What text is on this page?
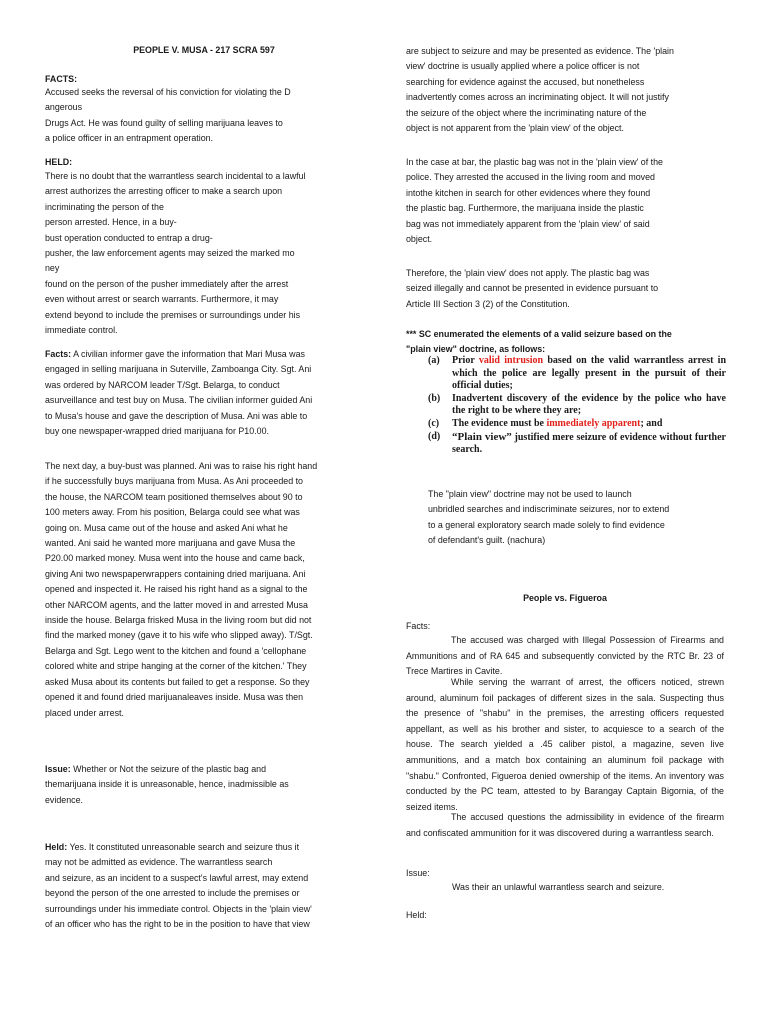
PEOPLE V. MUSA - 217 SCRA 597
FACTS:
Accused seeks the reversal of his conviction for violating the D
angerous
Drugs Act. He was found guilty of selling marijuana leaves to
a police officer in an entrapment operation.
HELD:
There is no doubt that the warrantless search incidental to a lawful
arrest authorizes the arresting officer to make a search upon
incriminating the person of the
person arrested. Hence, in a buy-
bust operation conducted to entrap a drug-
pusher, the law enforcement agents may seized the marked mo
ney
found on the person of the pusher immediately after the arrest
even without arrest or search warrants. Furthermore, it may
extend beyond to include the premises or surroundings under his
immediate control.
Facts: A civilian informer gave the information that Mari Musa was
engaged in selling marijuana in Suterville, Zamboanga City. Sgt. Ani
was ordered by NARCOM leader T/Sgt. Belarga, to conduct
asurveillance and test buy on Musa. The civilian informer guided Ani
to Musa's house and gave the description of Musa. Ani was able to
buy one newspaper-wrapped dried marijuana for P10.00.
The next day, a buy-bust was planned. Ani was to raise his right hand
if he successfully buys marijuana from Musa. As Ani proceeded to
the house, the NARCOM team positioned themselves about 90 to
100 meters away. From his position, Belarga could see what was
going on. Musa came out of the house and asked Ani what he
wanted. Ani said he wanted more marijuana and gave Musa the
P20.00 marked money. Musa went into the house and came back,
giving Ani two newspaperwrappers containing dried marijuana. Ani
opened and inspected it. He raised his right hand as a signal to the
other NARCOM agents, and the latter moved in and arrested Musa
inside the house. Belarga frisked Musa in the living room but did not
find the marked money (gave it to his wife who slipped away). T/Sgt.
Belarga and Sgt. Lego went to the kitchen and found a 'cellophane
colored white and stripe hanging at the corner of the kitchen.' They
asked Musa about its contents but failed to get a response. So they
opened it and found dried marijuanaleaves inside. Musa was then
placed under arrest.
Issue: Whether or Not the seizure of the plastic bag and
themarijuana inside it is unreasonable, hence, inadmissible as
evidence.
Held: Yes. It constituted unreasonable search and seizure thus it
may not be admitted as evidence. The warrantless search
and seizure, as an incident to a suspect's lawful arrest, may extend
beyond the person of the one arrested to include the premises or
surroundings under his immediate control. Objects in the 'plain view'
of an officer who has the right to be in the position to have that view
are subject to seizure and may be presented as evidence. The 'plain
view' doctrine is usually applied where a police officer is not
searching for evidence against the accused, but nonetheless
inadvertently comes across an incriminating object. It will not justify
the seizure of the object where the incriminating nature of the
object is not apparent from the 'plain view' of the object.
In the case at bar, the plastic bag was not in the 'plain view' of the
police. They arrested the accused in the living room and moved
intothe kitchen in search for other evidences where they found
the plastic bag. Furthermore, the marijuana inside the plastic
bag was not immediately apparent from the 'plain view' of said
object.
Therefore, the 'plain view' does not apply. The plastic bag was
seized illegally and cannot be presented in evidence pursuant to
Article III Section 3 (2) of the Constitution.
*** SC enumerated the elements of a valid seizure based on the
"plain view" doctrine, as follows:
(a)	Prior valid intrusion based on the valid warrantless arrest in which the police are legally present in the pursuit of their official duties;
(b)	Inadvertent discovery of the evidence by the police who have the right to be where they are;
(c)	The evidence must be immediately apparent; and
(d)	“Plain view” justified mere seizure of evidence without further search.
The "plain view" doctrine may not be used to launch
unbridled searches and indiscriminate seizures, nor to extend
to a general exploratory search made solely to find evidence
of defendant's guilt. (nachura)
People vs. Figueroa
Facts:
The accused was charged with Illegal Possession of Firearms and Ammunitions and of RA 645 and subsequently convicted by the RTC Br. 23 of Trece Martires in Cavite.
While serving the warrant of arrest, the officers noticed, strewn around, aluminum foil packages of different sizes in the sala. Suspecting thus the presence of "shabu" in the premises, the arresting officers requested appellant, as well as his brother and sister, to acquiesce to a search of the house. The search yielded a .45 caliber pistol, a magazine, seven live ammunitions, and a match box containing an aluminum foil package with "shabu." Confronted, Figueroa denied ownership of the items. An inventory was conducted by the PC team, attested to by Barangay Captain Bigornia, of the seized items.
The accused questions the admissibility in evidence of the firearm and confiscated ammunition for it was discovered during a warrantless search.
Issue:
Was their an unlawful warrantless search and seizure.
Held:
